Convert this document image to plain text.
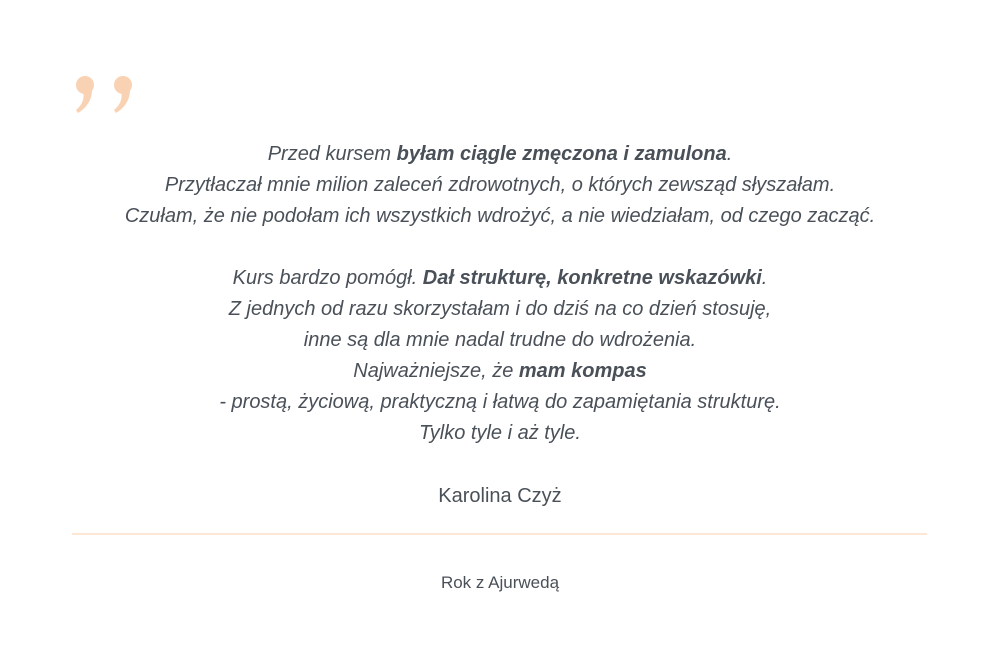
Przed kursem byłam ciągle zmęczona i zamulona.
Przytłaczał mnie milion zaleceń zdrowotnych, o których zewsząd słyszałam.
Czułam, że nie podołam ich wszystkich wdrożyć, a nie wiedziałam, od czego zacząć.
Kurs bardzo pomógł. Dał strukturę, konkretne wskazówki.
Z jednych od razu skorzystałam i do dziś na co dzień stosuję,
inne są dla mnie nadal trudne do wdrożenia.
Najważniejsze, że mam kompas
- prostą, życiową, praktyczną i łatwą do zapamiętania strukturę.
Tylko tyle i aż tyle.
Karolina Czyż
Rok z Ajurwedą
